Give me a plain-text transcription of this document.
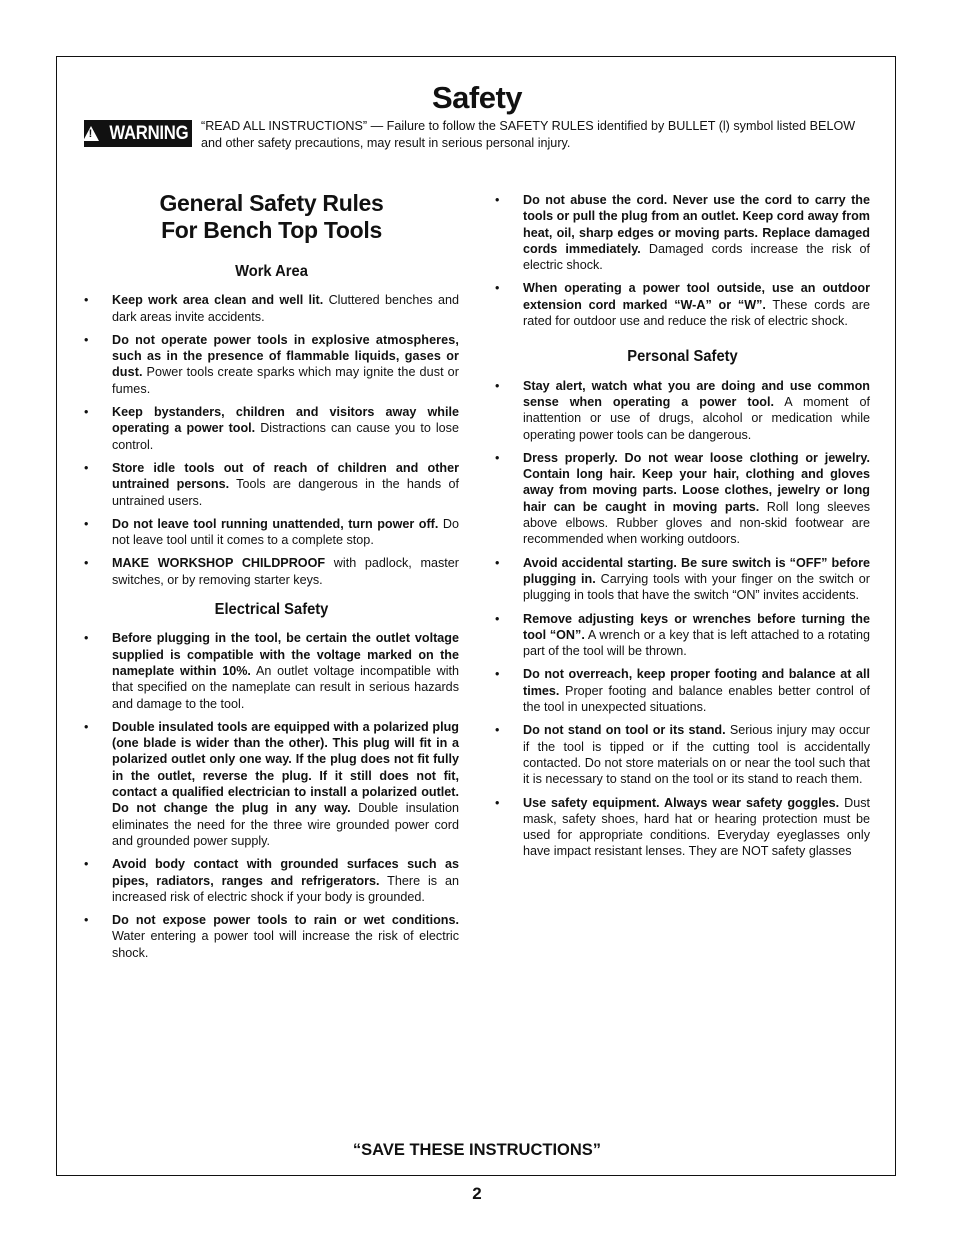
Safety
! WARNING “READ ALL INSTRUCTIONS” — Failure to follow the SAFETY RULES identified by BULLET (l) symbol listed BELOW and other safety precautions, may result in serious personal injury.
General Safety Rules
For Bench Top Tools
Work Area
• Keep work area clean and well lit. Cluttered benches and dark areas invite accidents.
• Do not operate power tools in explosive atmospheres, such as in the presence of flammable liquids, gases or dust. Power tools create sparks which may ignite the dust or fumes.
• Keep bystanders, children and visitors away while operating a power tool. Distractions can cause you to lose control.
• Store idle tools out of reach of children and other untrained persons. Tools are dangerous in the hands of untrained users.
• Do not leave tool running unattended, turn power off. Do not leave tool until it comes to a complete stop.
• MAKE WORKSHOP CHILDPROOF with padlock, master switches, or by removing starter keys.
Electrical Safety
• Before plugging in the tool, be certain the outlet voltage supplied is compatible with the voltage marked on the nameplate within 10%. An outlet voltage incompatible with that specified on the nameplate can result in serious hazards and damage to the tool.
• Double insulated tools are equipped with a polarized plug (one blade is wider than the other). This plug will fit in a polarized outlet only one way. If the plug does not fit fully in the outlet, reverse the plug. If it still does not fit, contact a qualified electrician to install a polarized outlet. Do not change the plug in any way. Double insulation eliminates the need for the three wire grounded power cord and grounded power supply.
• Avoid body contact with grounded surfaces such as pipes, radiators, ranges and refrigerators. There is an increased risk of electric shock if your body is grounded.
• Do not expose power tools to rain or wet conditions. Water entering a power tool will increase the risk of electric shock.
• Do not abuse the cord. Never use the cord to carry the tools or pull the plug from an outlet. Keep cord away from heat, oil, sharp edges or moving parts. Replace damaged cords immediately. Damaged cords increase the risk of electric shock.
• When operating a power tool outside, use an outdoor extension cord marked “W-A” or “W”. These cords are rated for outdoor use and reduce the risk of electric shock.
Personal Safety
• Stay alert, watch what you are doing and use common sense when operating a power tool. A moment of inattention or use of drugs, alcohol or medication while operating power tools can be dangerous.
• Dress properly. Do not wear loose clothing or jewelry. Contain long hair. Keep your hair, clothing and gloves away from moving parts. Loose clothes, jewelry or long hair can be caught in moving parts. Roll long sleeves above elbows. Rubber gloves and non-skid footwear are recommended when working outdoors.
• Avoid accidental starting. Be sure switch is “OFF” before plugging in. Carrying tools with your finger on the switch or plugging in tools that have the switch “ON” invites accidents.
• Remove adjusting keys or wrenches before turning the tool “ON”. A wrench or a key that is left attached to a rotating part of the tool will be thrown.
• Do not overreach, keep proper footing and balance at all times. Proper footing and balance enables better control of the tool in unexpected situations.
• Do not stand on tool or its stand. Serious injury may occur if the tool is tipped or if the cutting tool is accidentally contacted. Do not store materials on or near the tool such that it is necessary to stand on the tool or its stand to reach them.
• Use safety equipment. Always wear safety goggles. Dust mask, safety shoes, hard hat or hearing protection must be used for appropriate conditions. Everyday eyeglasses only have impact resistant lenses. They are NOT safety glasses
“SAVE THESE INSTRUCTIONS”
2
